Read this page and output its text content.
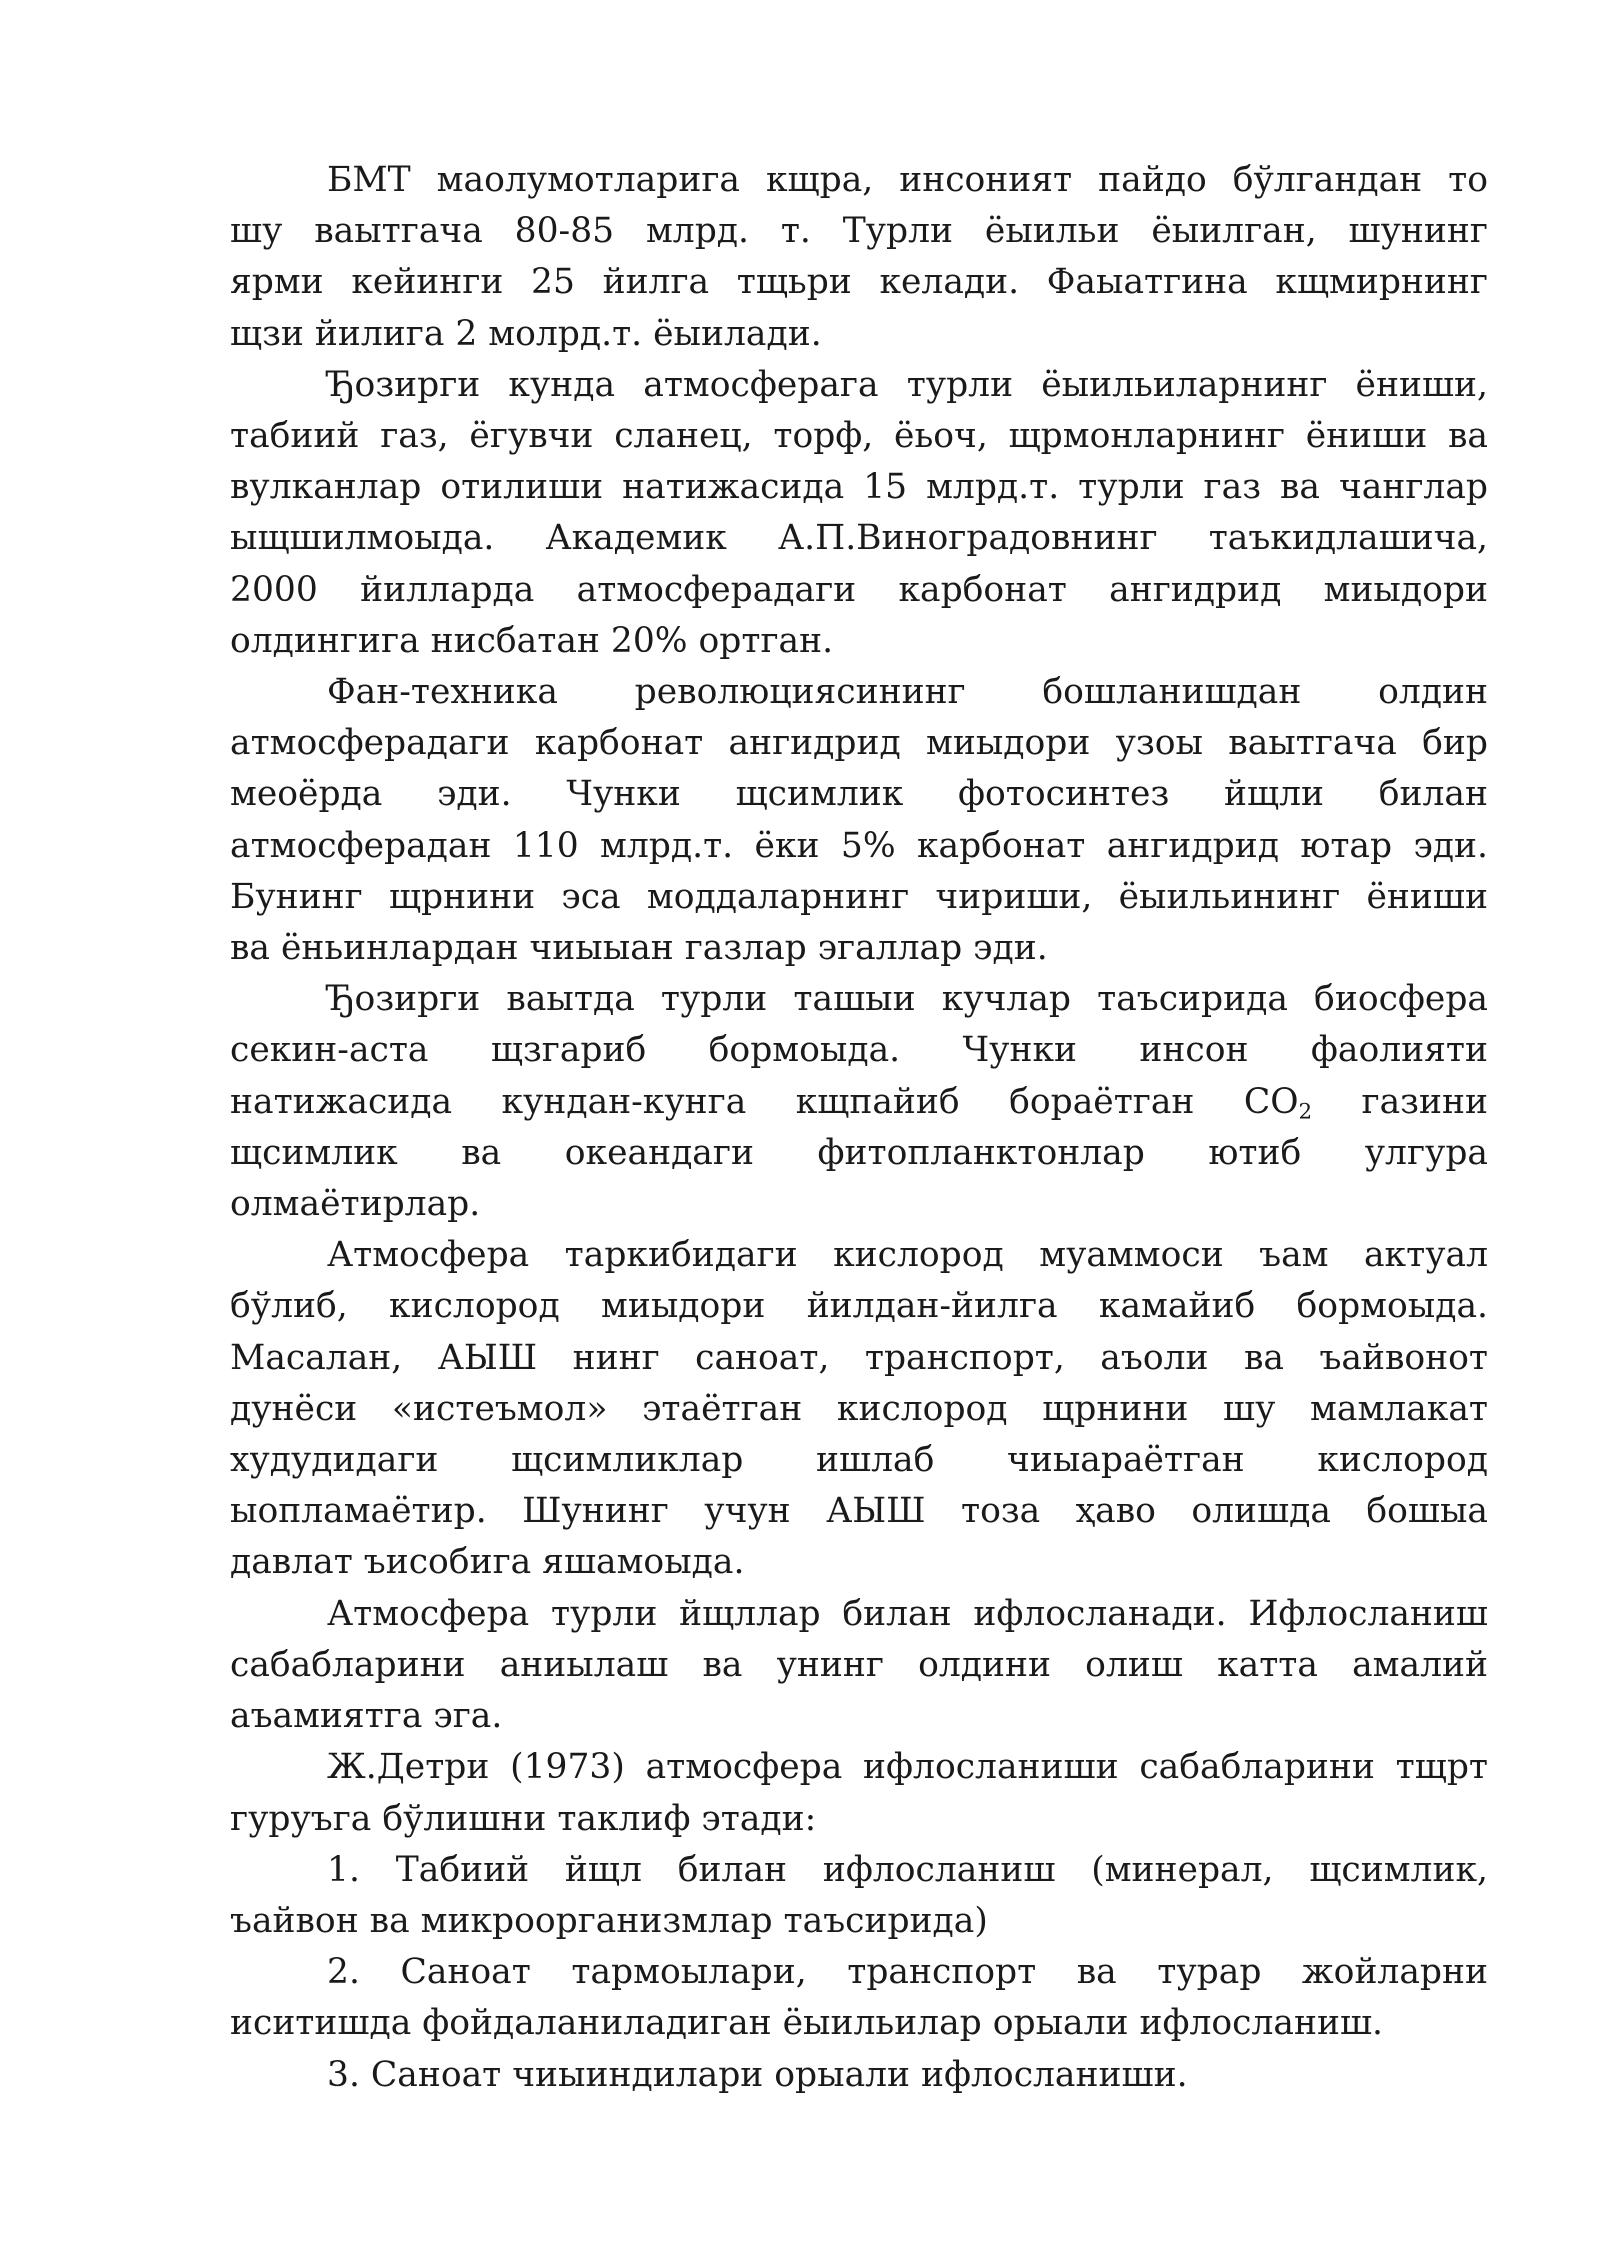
БМТ маолумотларига кщра, инсоният пайдо бўлгандан то
шу ваытгача 80-85 млрд. т. Турли ёыильи ёыилган, шунинг
ярми кейинги 25 йилга тщьри келади. Фаыатгина кщмирнинг
щзи йилига 2 молрд.т. ёыилади.

Ђозирги кунда атмосферага турли ёыильиларнинг ёниши,
табиий газ, ёгувчи сланец, торф, ёьоч, щрмонларнинг ёниши ва
вулканлар отилиши натижасида 15 млрд.т. турли газ ва чанглар
ыщшилмоыда. Академик А.П.Виноградовнинг таъкидлашича,
2000 йилларда атмосферадаги карбонат ангидрид миыдори
олдингига нисбатан 20% ортган.

Фан-техника революциясининг бошланишдан олдин
атмосферадаги карбонат ангидрид миыдори узоы ваытгача бир
меоёрда эди. Чунки щсимлик фотосинтез йщли билан
атмосферадан 110 млрд.т. ёки 5% карбонат ангидрид ютар эди.
Бунинг щрнини эса моддаларнинг чириши, ёыильининг ёниши
ва ёньинлардан чиыыан газлар эгаллар эди.

Ђозирги ваытда турли ташыи кучлар таъсирида биосфера
секин-аста щзгариб бормоыда. Чунки инсон фаолияти
натижасида кундан-кунга кщпайиб бораётган $CO_2$ газини
щсимлик ва океандаги фитопланктонлар ютиб улгура
олмаётирлар.

Атмосфера таркибидаги кислород муаммоси ъам актуал
бўлиб, кислород миыдори йилдан-йилга камайиб бормоыда.
Масалан, АЫШ нинг саноат, транспорт, аъоли ва ъайвонот
дунёси «истеъмол» этаётган кислород щрнини шу мамлакат
худудидаги щсимликлар ишлаб чиыараётган кислород
ыопламаётир. Шунинг учун АЫШ тоза ҳаво олишда бошыа
давлат ъисобига яшамоыда.

Атмосфера турли йщллар билан ифлосланади. Ифлосланиш
сабабларини аниылаш ва унинг олдини олиш катта амалий
аъамиятга эга.

Ж.Детри (1973) атмосфера ифлосланиши сабабларини тщрт
гуруъга бўлишни таклиф этади:

1. Табиий йщл билан ифлосланиш (минерал, щсимлик,
ъайвон ва микроорганизмлар таъсирида)

2. Саноат тармоылари, транспорт ва турар жойларни
иситишда фойдаланиладиган ёыильилар орыали ифлосланиш.

3. Саноат чиыиндилари орыали ифлосланиши.
